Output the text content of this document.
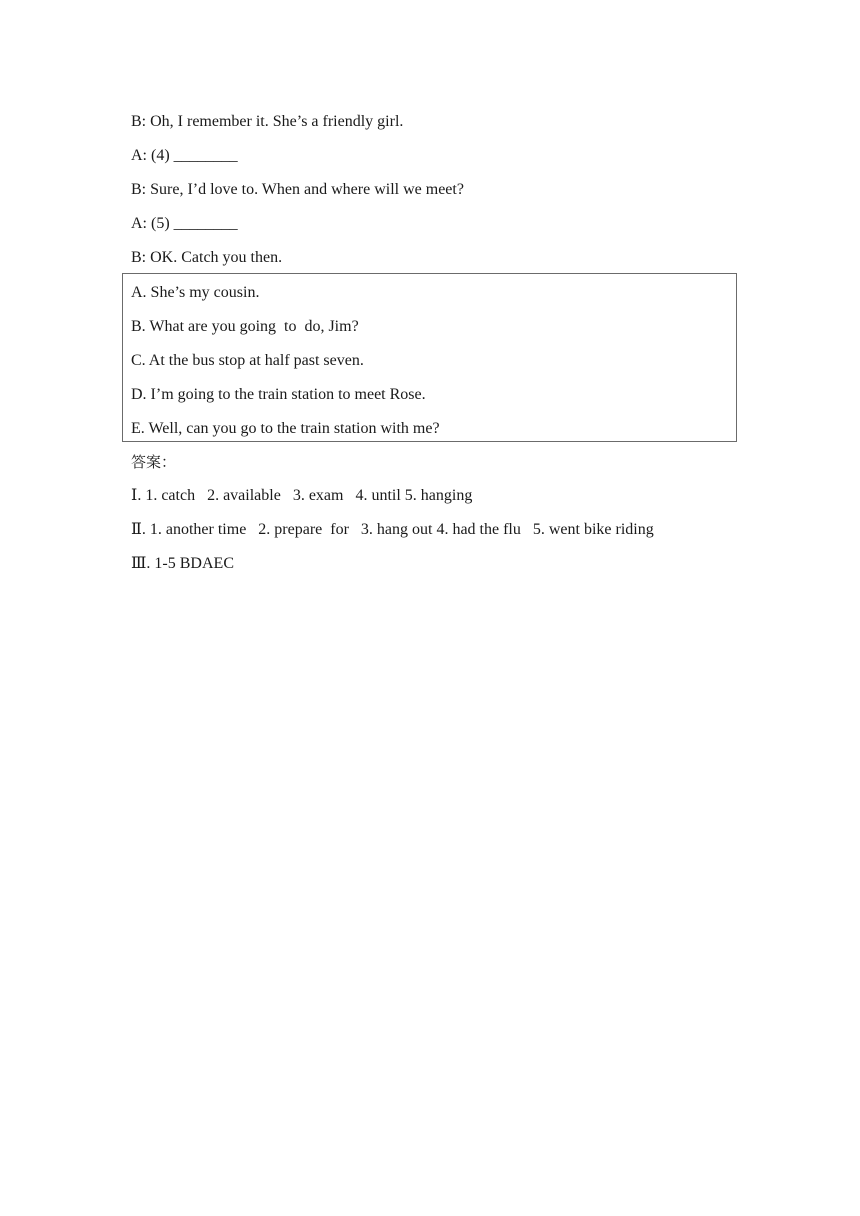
B: Oh, I remember it. She’s a friendly girl.
A: (4) ________
B: Sure, I’d love to. When and where will we meet?
A: (5) ________
B: OK. Catch you then.
A. She’s my cousin.
B. What are you going  to  do, Jim?
C. At the bus stop at half past seven.
D. I’m going to the train station to meet Rose.
E. Well, can you go to the train station with me?
答案：
Ⅰ. 1. catch   2. available   3. exam   4. until 5. hanging
Ⅱ. 1. another time   2. prepare  for   3. hang out 4. had the flu   5. went bike riding
Ⅲ. 1-5 BDAEC
